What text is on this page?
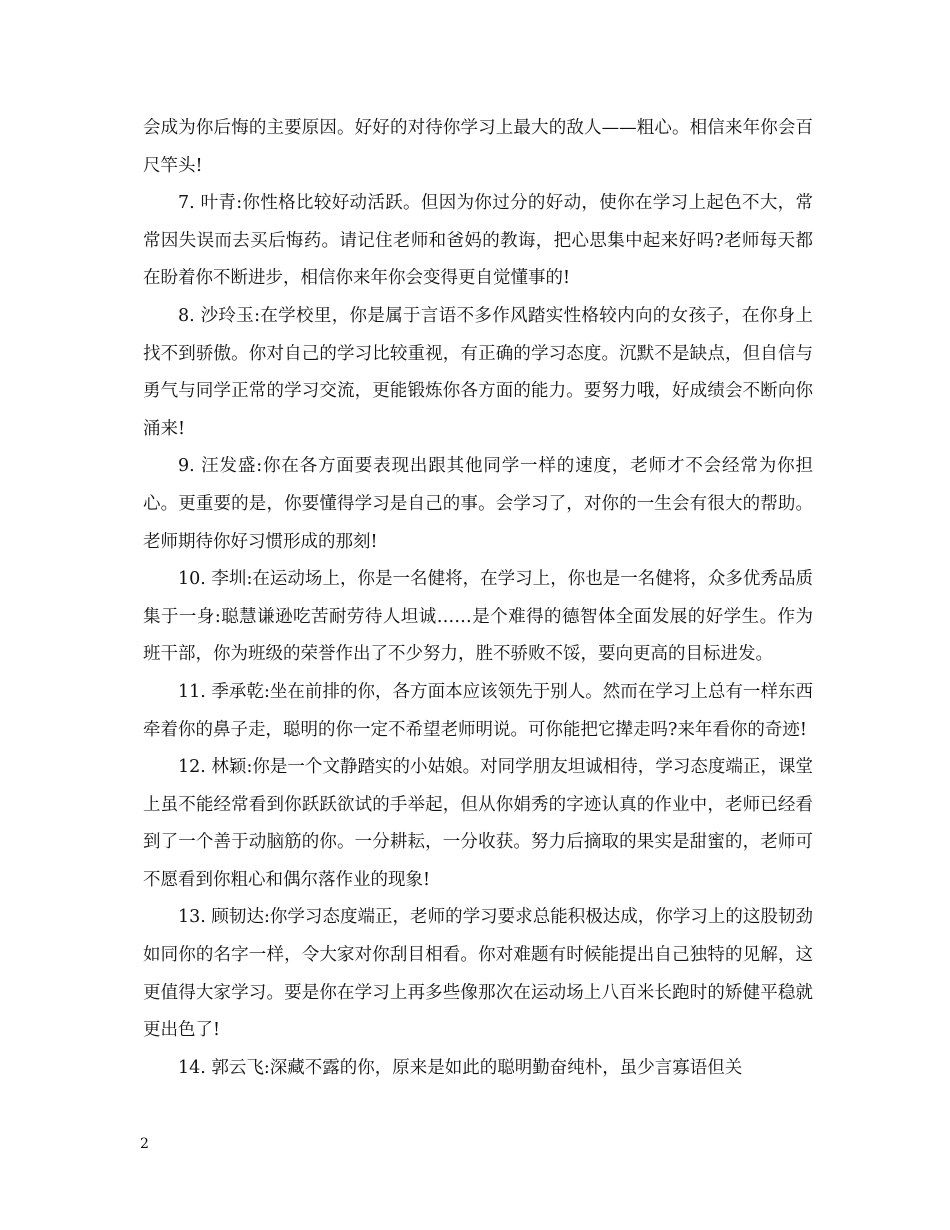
会成为你后悔的主要原因。好好的对待你学习上最大的敌人——粗心。相信来年你会百尺竿头!

7. 叶青:你性格比较好动活跃。但因为你过分的好动，使你在学习上起色不大，常常因失误而去买后悔药。请记住老师和爸妈的教诲，把心思集中起来好吗?老师每天都在盼着你不断进步，相信你来年你会变得更自觉懂事的!

8. 沙玲玉:在学校里，你是属于言语不多作风踏实性格较内向的女孩子，在你身上找不到骄傲。你对自己的学习比较重视，有正确的学习态度。沉默不是缺点，但自信与勇气与同学正常的学习交流，更能锻炼你各方面的能力。要努力哦，好成绩会不断向你涌来!

9. 汪发盛:你在各方面要表现出跟其他同学一样的速度，老师才不会经常为你担心。更重要的是，你要懂得学习是自己的事。会学习了，对你的一生会有很大的帮助。老师期待你好习惯形成的那刻!

10. 李圳:在运动场上，你是一名健将，在学习上，你也是一名健将，众多优秀品质集于一身:聪慧谦逊吃苦耐劳待人坦诚……是个难得的德智体全面发展的好学生。作为班干部，你为班级的荣誉作出了不少努力，胜不骄败不馁，要向更高的目标进发。

11. 季承乾:坐在前排的你，各方面本应该领先于别人。然而在学习上总有一样东西牵着你的鼻子走，聪明的你一定不希望老师明说。可你能把它撵走吗?来年看你的奇迹!

12. 林颖:你是一个文静踏实的小姑娘。对同学朋友坦诚相待，学习态度端正，课堂上虽不能经常看到你跃跃欲试的手举起，但从你娟秀的字迹认真的作业中，老师已经看到了一个善于动脑筋的你。一分耕耘，一分收获。努力后摘取的果实是甜蜜的，老师可不愿看到你粗心和偶尔落作业的现象!

13. 顾韧达:你学习态度端正，老师的学习要求总能积极达成，你学习上的这股韧劲如同你的名字一样，令大家对你刮目相看。你对难题有时候能提出自己独特的见解，这更值得大家学习。要是你在学习上再多些像那次在运动场上八百米长跑时的矫健平稳就更出色了!

14. 郭云飞:深藏不露的你，原来是如此的聪明勤奋纯朴，虽少言寡语但关

2
